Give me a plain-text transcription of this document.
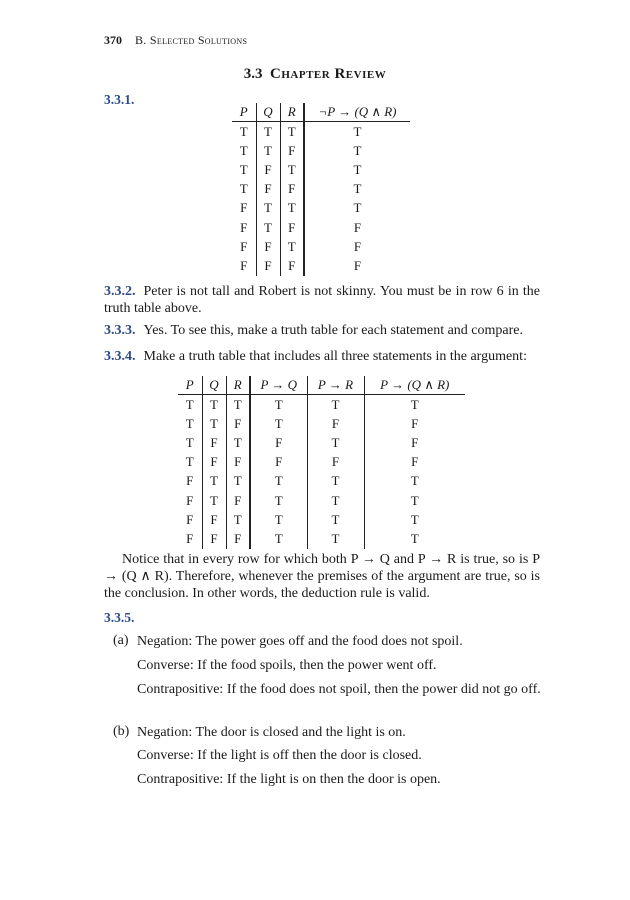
370 B. Selected Solutions
3.3 Chapter Review
3.3.1.
P	Q	R	¬P → (Q ∧ R)
T	T	T	T
T	T	F	T
T	F	T	T
T	F	F	T
F	T	T	T
F	T	F	F
F	F	T	F
F	F	F	F
3.3.2. Peter is not tall and Robert is not skinny. You must be in row 6 in the truth table above.
3.3.3. Yes. To see this, make a truth table for each statement and compare.
3.3.4. Make a truth table that includes all three statements in the argument:
P	Q	R	P → Q	P → R	P → (Q ∧ R)
T	T	T	T	T	T
T	T	F	T	F	F
T	F	T	F	T	F
T	F	F	F	F	F
F	T	T	T	T	T
F	T	F	T	T	T
F	F	T	T	T	T
F	F	F	T	T	T
Notice that in every row for which both P → Q and P → R is true, so is P → (Q ∧ R). Therefore, whenever the premises of the argument are true, so is the conclusion. In other words, the deduction rule is valid.
3.3.5.
(a) Negation: The power goes off and the food does not spoil.
Converse: If the food spoils, then the power went off.
Contrapositive: If the food does not spoil, then the power did not go off.
(b) Negation: The door is closed and the light is on.
Converse: If the light is off then the door is closed.
Contrapositive: If the light is on then the door is open.
